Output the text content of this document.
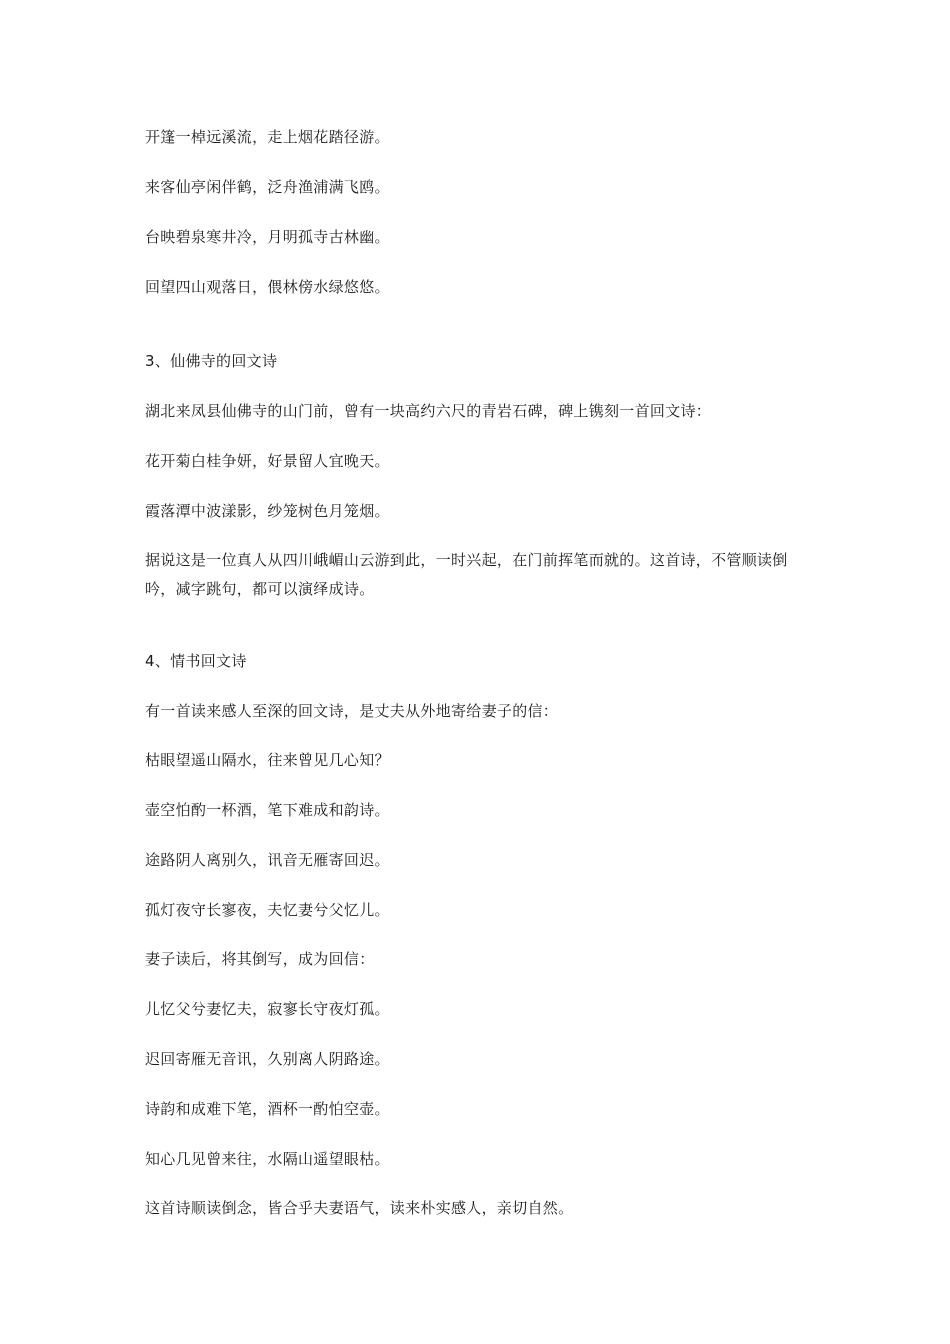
开篷一棹远溪流，走上烟花踏径游。
来客仙亭闲伴鹤，泛舟渔浦满飞鸥。
台映碧泉寒井冷，月明孤寺古林幽。
回望四山观落日，偎林傍水绿悠悠。
3、仙佛寺的回文诗
湖北来凤县仙佛寺的山门前，曾有一块高约六尺的青岩石碑，碑上镌刻一首回文诗：
花开菊白桂争妍，好景留人宜晚天。
霞落潭中波漾影，纱笼树色月笼烟。
据说这是一位真人从四川峨嵋山云游到此，一时兴起，在门前挥笔而就的。这首诗，不管顺读倒吟，减字跳句，都可以演绎成诗。
4、情书回文诗
有一首读来感人至深的回文诗，是丈夫从外地寄给妻子的信：
枯眼望遥山隔水，往来曾见几心知？
壶空怕酌一杯酒，笔下难成和韵诗。
途路阴人离别久，讯音无雁寄回迟。
孤灯夜守长寥夜，夫忆妻兮父忆儿。
妻子读后，将其倒写，成为回信：
儿忆父兮妻忆夫，寂寥长守夜灯孤。
迟回寄雁无音讯，久别离人阴路途。
诗韵和成难下笔，酒杯一酌怕空壶。
知心几见曾来往，水隔山遥望眼枯。
这首诗顺读倒念，皆合乎夫妻语气，读来朴实感人，亲切自然。
